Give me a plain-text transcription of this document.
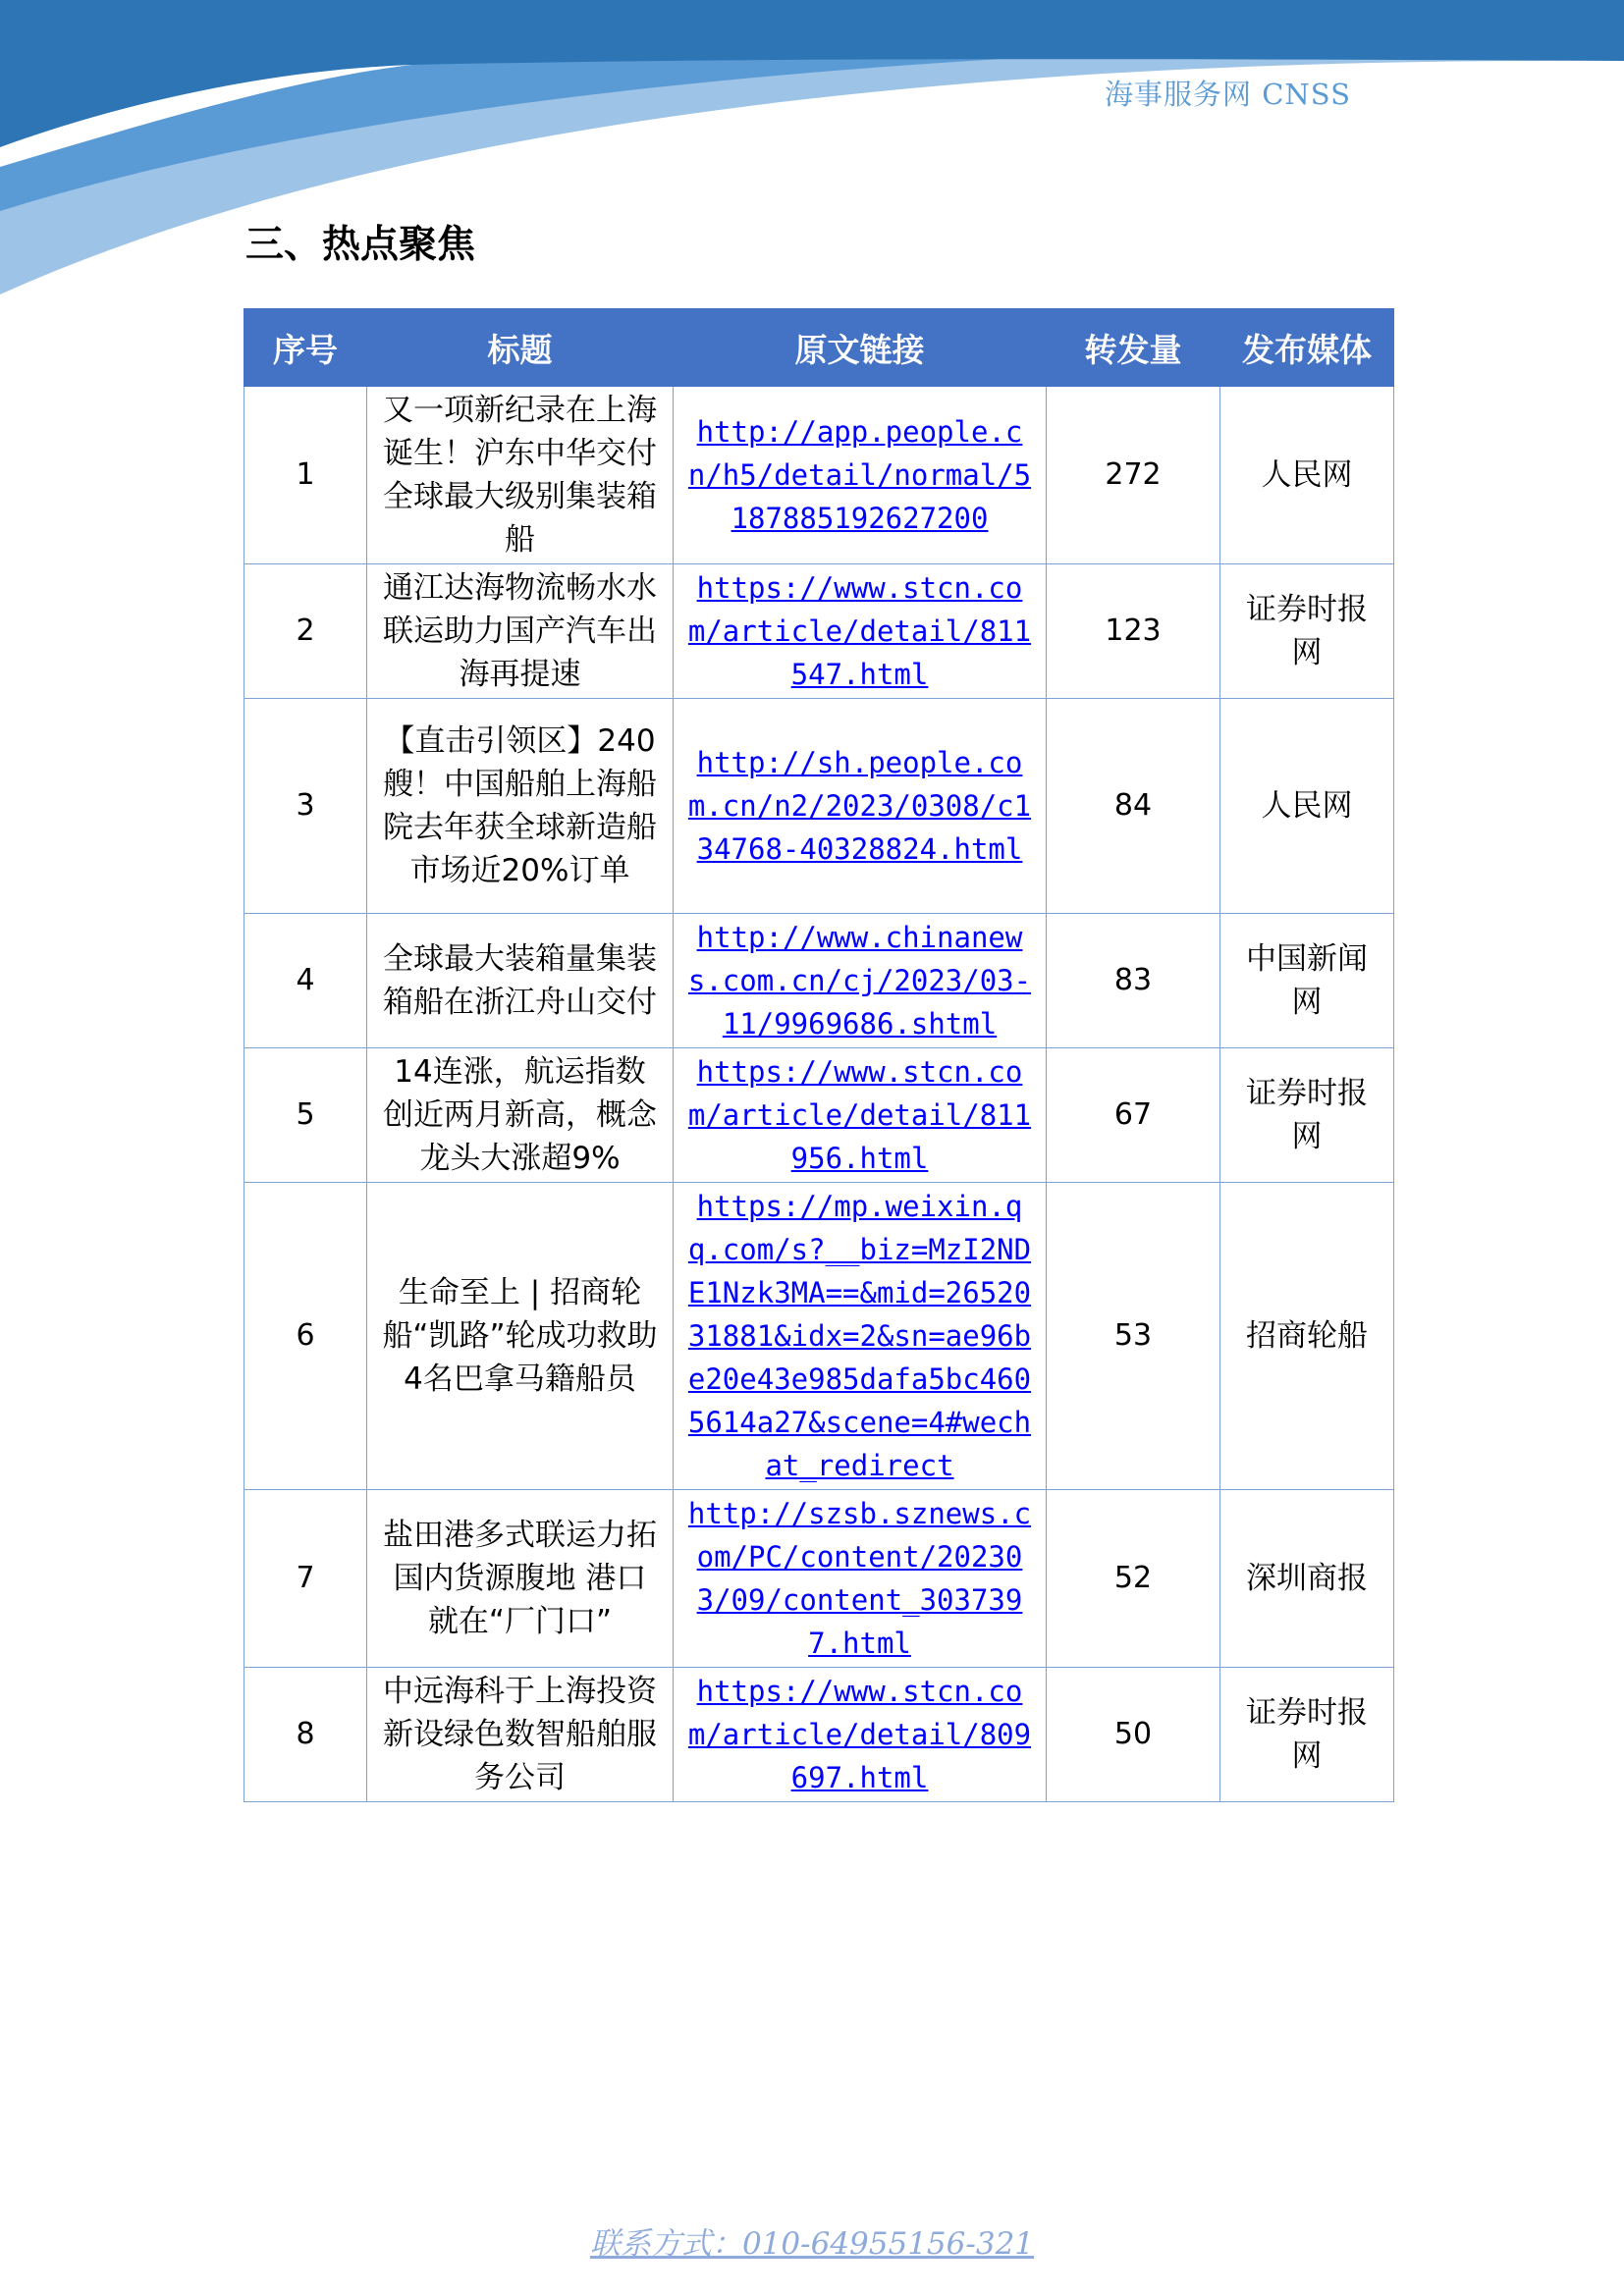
海事服务网 CNSS
三、热点聚焦
序号	标题	原文链接	转发量	发布媒体
1	又一项新纪录在上海诞生！沪东中华交付全球最大级别集装箱船	http://app.people.cn/h5/detail/normal/5187885192627200	272	人民网
2	通江达海物流畅水水联运助力国产汽车出海再提速	https://www.stcn.com/article/detail/811547.html	123	证券时报网
3	【直击引领区】240艘！中国船舶上海船院去年获全球新造船市场近20%订单	http://sh.people.com.cn/n2/2023/0308/c134768-40328824.html	84	人民网
4	全球最大装箱量集装箱船在浙江舟山交付	http://www.chinanews.com.cn/cj/2023/03-11/9969686.shtml	83	中国新闻网
5	14连涨，航运指数创近两月新高，概念龙头大涨超9%	https://www.stcn.com/article/detail/811956.html	67	证券时报网
6	生命至上 | 招商轮船“凯路”轮成功救助4名巴拿马籍船员	https://mp.weixin.qq.com/s?__biz=MzI2NDE1Nzk3MA==&mid=2652031881&idx=2&sn=ae96be20e43e985dafa5bc4605614a27&scene=4#wechat_redirect	53	招商轮船
7	盐田港多式联运力拓国内货源腹地 港口就在“厂门口”	http://szsb.sznews.com/PC/content/202303/09/content_3037397.html	52	深圳商报
8	中远海科于上海投资新设绿色数智船舶服务公司	https://www.stcn.com/article/detail/809697.html	50	证券时报网
联系方式：010-64955156-321
